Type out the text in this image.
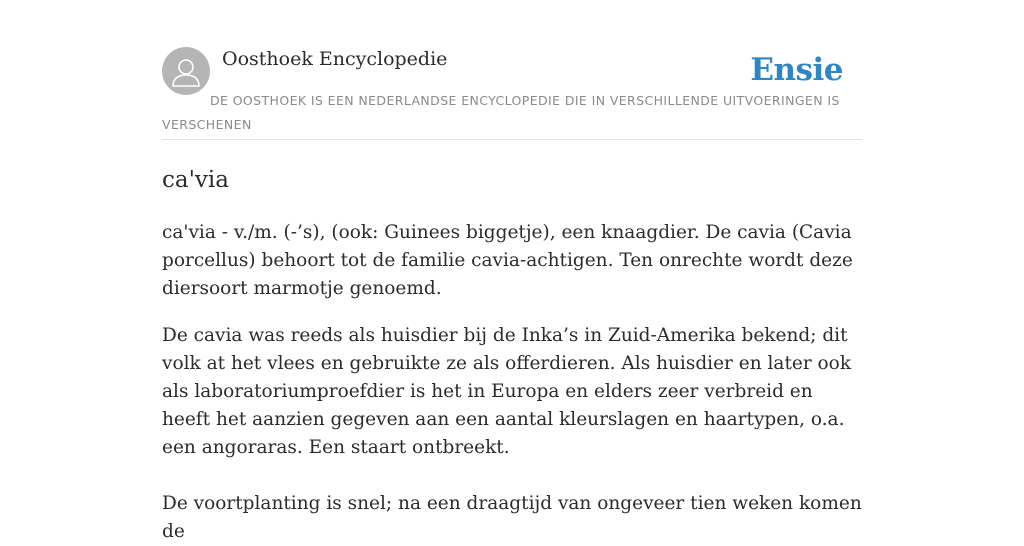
Oosthoek Encyclopedie	Ensie

DE OOSTHOEK IS EEN NEDERLANDSE ENCYCLOPEDIE DIE IN VERSCHILLENDE UITVOERINGEN IS VERSCHENEN

ca'via

ca'via - v./m. (-’s), (ook: Guinees biggetje), een knaagdier. De cavia (Cavia porcellus) behoort tot de familie cavia-achtigen. Ten onrechte wordt deze diersoort marmotje genoemd.

De cavia was reeds als huisdier bij de Inka’s in Zuid-Amerika bekend; dit volk at het vlees en gebruikte ze als offerdieren. Als huisdier en later ook als laboratoriumproefdier is het in Europa en elders zeer verbreid en heeft het aanzien gegeven aan een aantal kleurslagen en haartypen, o.a. een angoraras. Een staart ontbreekt.

De voortplanting is snel; na een draagtijd van ongeveer tien weken komen de
